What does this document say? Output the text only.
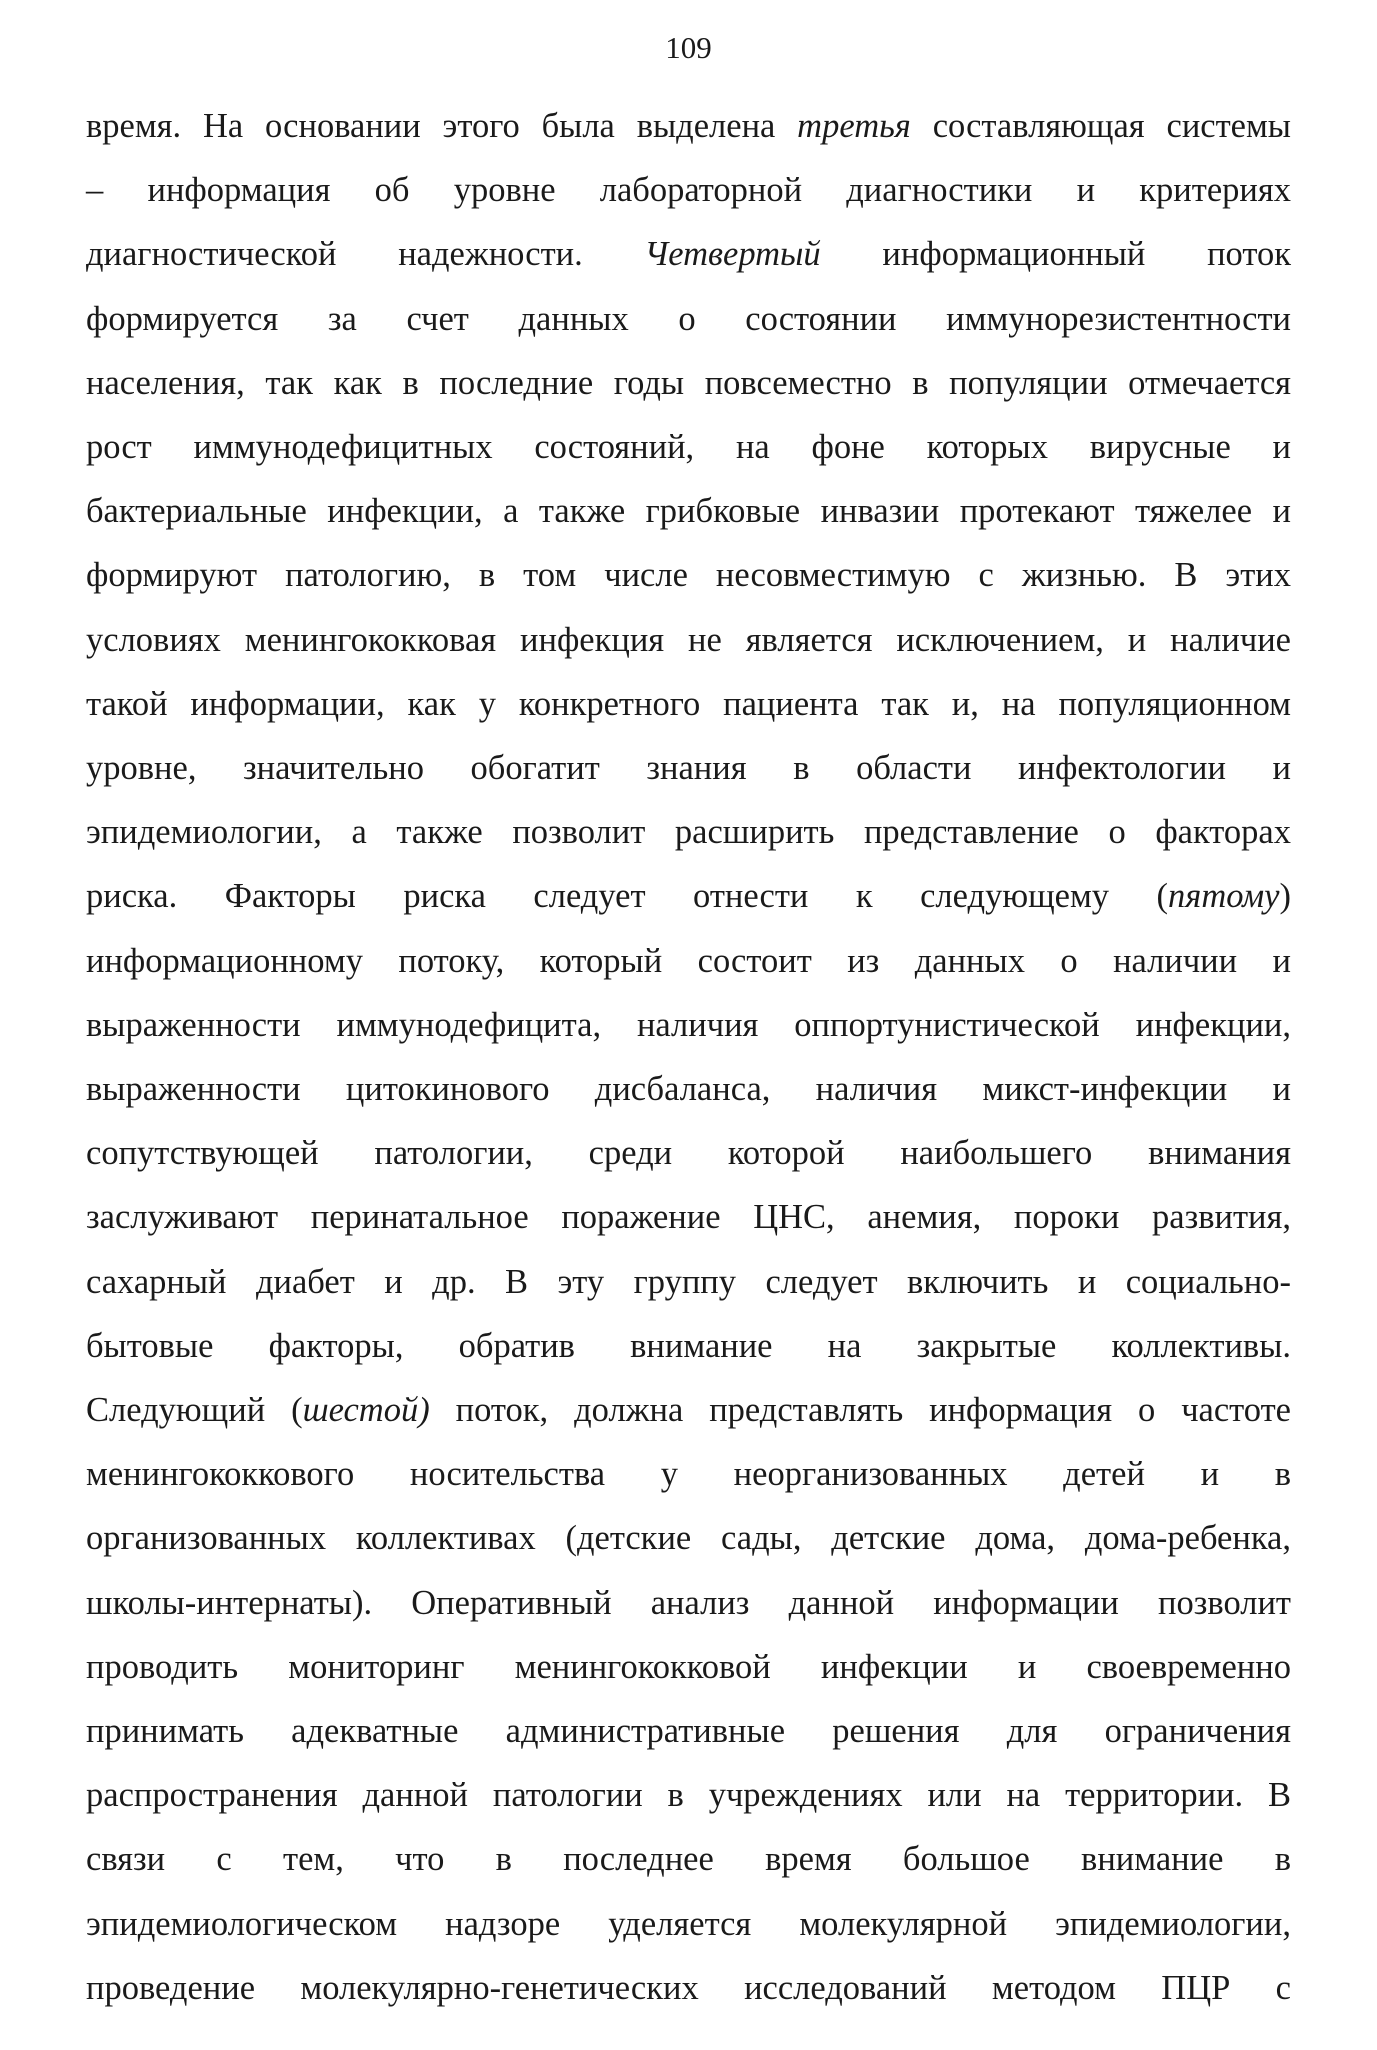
109

время. На основании этого была выделена третья составляющая системы
– информация об уровне лабораторной диагностики и критериях
диагностической надежности. Четвертый информационный поток
формируется за счет данных о состоянии иммунорезистентности
населения, так как в последние годы повсеместно в популяции отмечается
рост иммунодефицитных состояний, на фоне которых вирусные и
бактериальные инфекции, а также грибковые инвазии протекают тяжелее и
формируют патологию, в том числе несовместимую с жизнью. В этих
условиях менингококковая инфекция не является исключением, и наличие
такой информации, как у конкретного пациента так и, на популяционном
уровне, значительно обогатит знания в области инфектологии и
эпидемиологии, а также позволит расширить представление о факторах
риска. Факторы риска следует отнести к следующему (пятому)
информационному потоку, который состоит из данных о наличии и
выраженности иммунодефицита, наличия оппортунистической инфекции,
выраженности цитокинового дисбаланса, наличия микст-инфекции и
сопутствующей патологии, среди которой наибольшего внимания
заслуживают перинатальное поражение ЦНС, анемия, пороки развития,
сахарный диабет и др. В эту группу следует включить и социально-
бытовые факторы, обратив внимание на закрытые коллективы.
Следующий (шестой) поток, должна представлять информация о частоте
менингококкового носительства у неорганизованных детей и в
организованных коллективах (детские сады, детские дома, дома-ребенка,
школы-интернаты). Оперативный анализ данной информации позволит
проводить мониторинг менингококковой инфекции и своевременно
принимать адекватные административные решения для ограничения
распространения данной патологии в учреждениях или на территории. В
связи с тем, что в последнее время большое внимание в
эпидемиологическом надзоре уделяется молекулярной эпидемиологии,
проведение молекулярно-генетических исследований методом ПЦР с
